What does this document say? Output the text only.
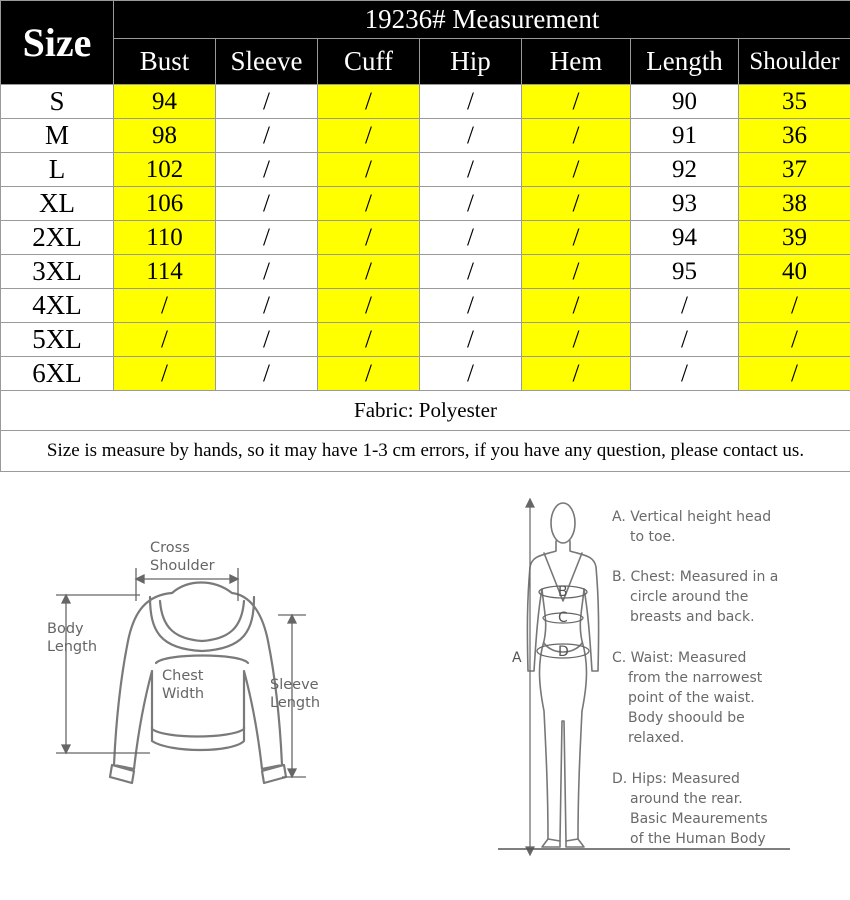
Size	19236# Measurement						
	Bust	Sleeve	Cuff	Hip	Hem	Length	Shoulder
S	94	/	/	/	/	90	35
M	98	/	/	/	/	91	36
L	102	/	/	/	/	92	37
XL	106	/	/	/	/	93	38
2XL	110	/	/	/	/	94	39
3XL	114	/	/	/	/	95	40
4XL	/	/	/	/	/	/	/
5XL	/	/	/	/	/	/	/
6XL	/	/	/	/	/	/	/
Fabric: Polyester							
Size is measure by hands, so it may have 1-3 cm errors, if you have any question, please contact us.							
Cross
Shoulder
Body
Length
Chest
Width
Sleeve
Length
A
B
C
D
A. Vertical height head
to toe.
B. Chest: Measured in a
circle around the
breasts and back.
C. Waist: Measured
from the narrowest
point of the waist.
Body shoould be
relaxed.
D. Hips: Measured
around the rear.
Basic Meaurements
of the Human Body
